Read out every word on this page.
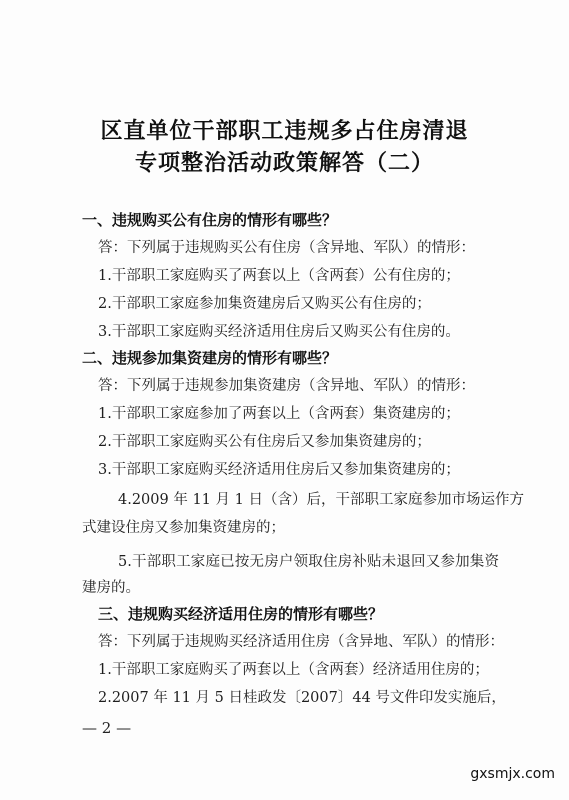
区直单位干部职工违规多占住房清退
专项整治活动政策解答（二）
一、违规购买公有住房的情形有哪些？
答：下列属于违规购买公有住房（含异地、军队）的情形：
1.干部职工家庭购买了两套以上（含两套）公有住房的；
2.干部职工家庭参加集资建房后又购买公有住房的；
3.干部职工家庭购买经济适用住房后又购买公有住房的。
二、违规参加集资建房的情形有哪些？
答：下列属于违规参加集资建房（含异地、军队）的情形：
1.干部职工家庭参加了两套以上（含两套）集资建房的；
2.干部职工家庭购买公有住房后又参加集资建房的；
3.干部职工家庭购买经济适用住房后又参加集资建房的；
4.2009 年 11 月 1 日（含）后，干部职工家庭参加市场运作方
式建设住房又参加集资建房的；
5.干部职工家庭已按无房户领取住房补贴未退回又参加集资
建房的。
三、违规购买经济适用住房的情形有哪些？
答：下列属于违规购买经济适用住房（含异地、军队）的情形：
1.干部职工家庭购买了两套以上（含两套）经济适用住房的；
2.2007 年 11 月 5 日桂政发〔2007〕44 号文件印发实施后，
— 2 —
gxsmjx.com
